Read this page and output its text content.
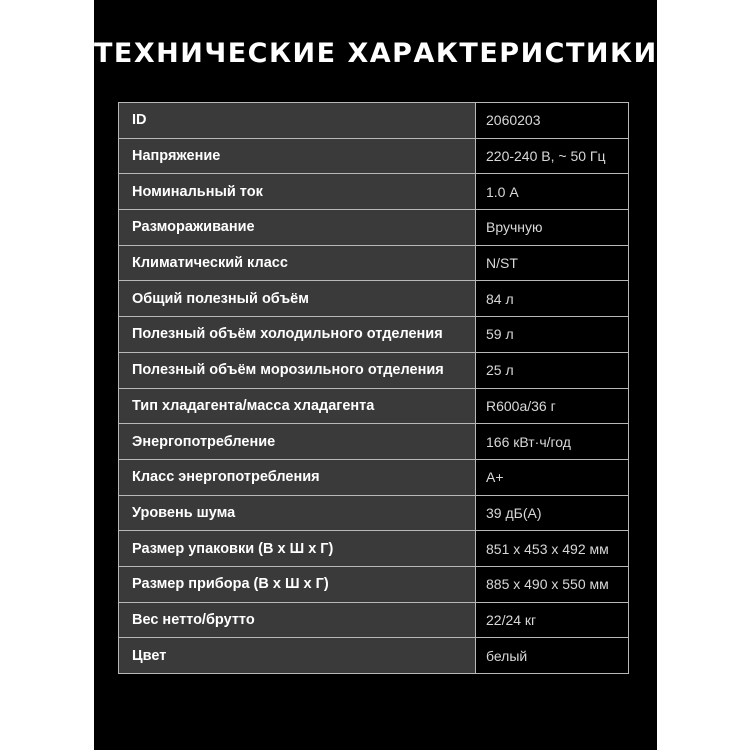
ТЕХНИЧЕСКИЕ ХАРАКТЕРИСТИКИ
ID	2060203
Напряжение	220-240 В, ~ 50 Гц
Номинальный ток	1.0 А
Размораживание	Вручную
Климатический класс	N/ST
Общий полезный объём	84 л
Полезный объём холодильного отделения	59 л
Полезный объём морозильного отделения	25 л
Тип хладагента/масса хладагента	R600a/36 г
Энергопотребление	166 кВт·ч/год
Класс энергопотребления	A+
Уровень шума	39 дБ(А)
Размер упаковки (В x Ш x Г)	851 x 453 x 492 мм
Размер прибора (В x Ш x Г)	885 x 490 x 550 мм
Вес нетто/брутто	22/24 кг
Цвет	белый
